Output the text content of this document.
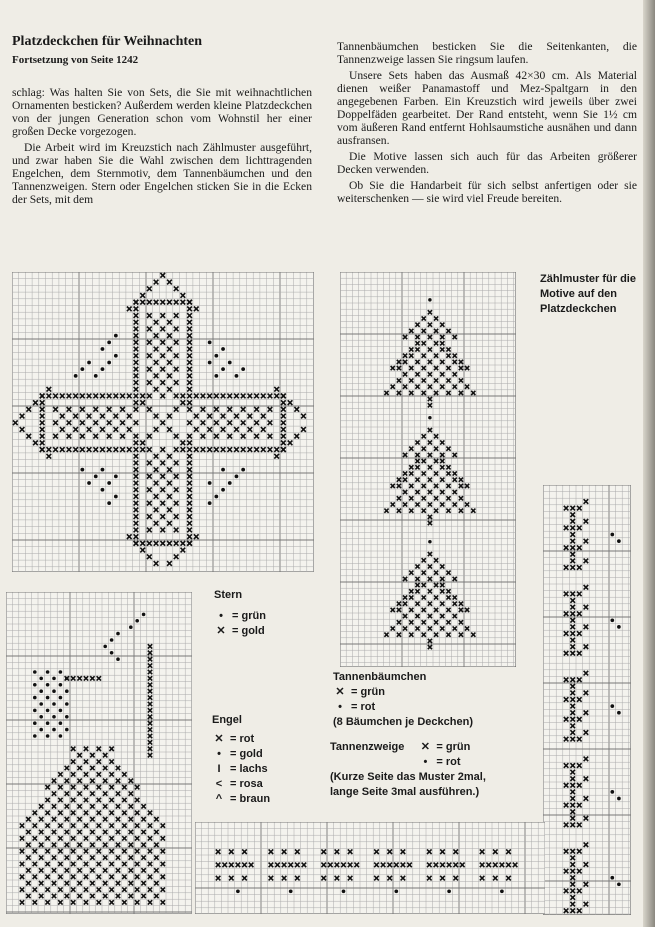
Platzdeckchen für Weihnachten
Fortsetzung von Seite 1242

schlag: Was halten Sie von Sets, die Sie mit weihnachtlichen Ornamenten besticken? Außerdem werden kleine Platzdeckchen von der jungen Generation schon vom Wohnstil her einer großen Decke vorgezogen.

Die Arbeit wird im Kreuzstich nach Zählmuster ausgeführt, und zwar haben Sie die Wahl zwischen dem lichttragenden Engelchen, dem Sternmotiv, dem Tannenbäumchen und den Tannenzweigen. Stern oder Engelchen sticken Sie in die Ecken der Sets, mit dem

Tannenbäumchen besticken Sie die Seitenkanten, die Tannenzweige lassen Sie ringsum laufen.

Unsere Sets haben das Ausmaß 42×30 cm. Als Material dienen weißer Panamastoff und Mez-Spaltgarn in den angegebenen Farben. Ein Kreuzstich wird jeweils über zwei Doppelfäden gearbeitet. Der Rand entsteht, wenn Sie 1½ cm vom äußeren Rand entfernt Hohlsaumstiche ausnähen und dann ausfransen.

Die Motive lassen sich auch für das Arbeiten größerer Decken verwenden.

Ob Sie die Handarbeit für sich selbst anfertigen oder sie weiterschenken — sie wird viel Freude bereiten.

Zählmuster für die Motive auf den Platzdeckchen
Stern
• = grün
✕ = gold
Engel
✕ = rot
• = gold
I = lachs
< = rosa
^ = braun
Tannenbäumchen
✕ = grün
• = rot
(8 Bäumchen je Deckchen)
Tannenzweige ✕ = grün
• = rot
(Kurze Seite das Muster 2mal, lange Seite 3mal ausführen.)
